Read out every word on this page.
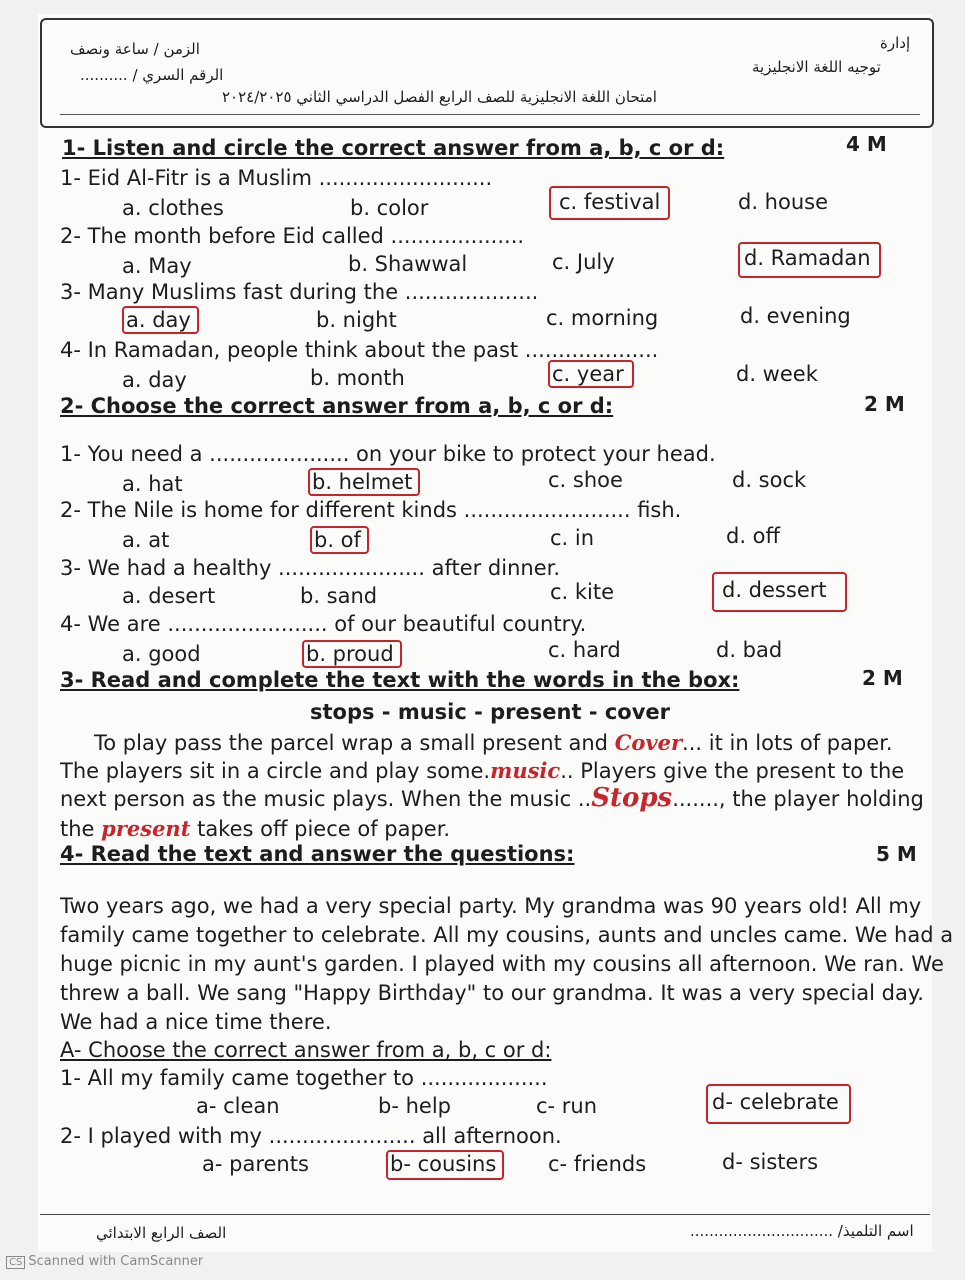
إدارة
توجيه اللغة الانجليزية
الزمن / ساعة ونصف
الرقم السري / ..........
امتحان اللغة الانجليزية للصف الرابع الفصل الدراسي الثاني ٢٠٢٤/٢٠٢٥
1- Listen and circle the correct answer from a, b, c or d:	4 M
1- Eid Al-Fitr is a Muslim ..........................
a. clothes	b. color	c. festival	d. house
2- The month before Eid called ....................
a. May	b. Shawwal	c. July	d. Ramadan
3- Many Muslims fast during the ....................
a. day	b. night	c. morning	d. evening
4- In Ramadan, people think about the past ....................
a. day	b. month	c. year	d. week
2- Choose the correct answer from a, b, c or d:	2 M
1- You need a ..................... on your bike to protect your head.
a. hat	b. helmet	c. shoe	d. sock
2- The Nile is home for different kinds ......................... fish.
a. at	b. of	c. in	d. off
3- We had a healthy ...................... after dinner.
a. desert	b. sand	c. kite	d. dessert
4- We are ........................ of our beautiful country.
a. good	b. proud	c. hard	d. bad
3- Read and complete the text with the words in the box:	2 M
stops - music - present - cover
To play pass the parcel wrap a small present and Cover... it in lots of paper.
The players sit in a circle and play some.music.. Players give the present to the
next person as the music plays. When the music ..Stops......., the player holding
the present takes off piece of paper.
4- Read the text and answer the questions:	5 M
Two years ago, we had a very special party. My grandma was 90 years old! All my
family came together to celebrate. All my cousins, aunts and uncles came. We had a
huge picnic in my aunt's garden. I played with my cousins all afternoon. We ran. We
threw a ball. We sang "Happy Birthday" to our grandma. It was a very special day.
We had a nice time there.
A- Choose the correct answer from a, b, c or d:
1- All my family came together to ...................
a- clean	b- help	c- run	d- celebrate
2- I played with my ...................... all afternoon.
a- parents	b- cousins	c- friends	d- sisters
اسم التلميذ/ ..............................
الصف الرابع الابتدائي
CS Scanned with CamScanner
